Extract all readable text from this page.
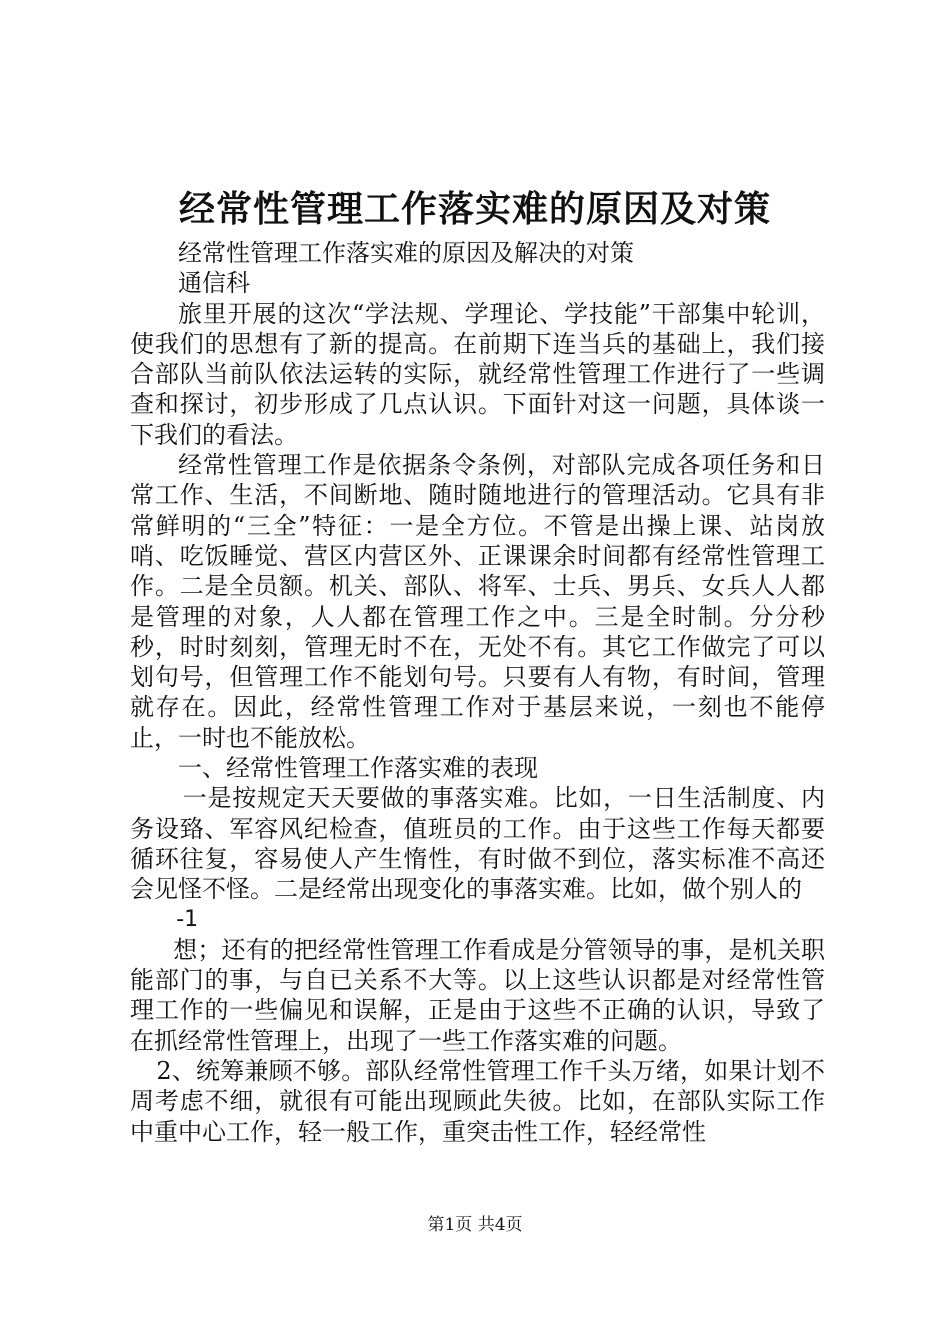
经常性管理工作落实难的原因及对策

经常性管理工作落实难的原因及解决的对策

通信科

旅里开展的这次“学法规、学理论、学技能”干部集中轮训，使我们的思想有了新的提高。在前期下连当兵的基础上，我们接合部队当前队依法运转的实际，就经常性管理工作进行了一些调查和探讨，初步形成了几点认识。下面针对这一问题，具体谈一下我们的看法。

经常性管理工作是依据条令条例，对部队完成各项任务和日常工作、生活，不间断地、随时随地进行的管理活动。它具有非常鲜明的“三全”特征：一是全方位。不管是出操上课、站岗放哨、吃饭睡觉、营区内营区外、正课课余时间都有经常性管理工作。二是全员额。机关、部队、将军、士兵、男兵、女兵人人都是管理的对象，人人都在管理工作之中。三是全时制。分分秒秒，时时刻刻，管理无时不在，无处不有。其它工作做完了可以划句号，但管理工作不能划句号。只要有人有物，有时间，管理就存在。因此，经常性管理工作对于基层来说，一刻也不能停止，一时也不能放松。

一、经常性管理工作落实难的表现

一是按规定天天要做的事落实难。比如，一日生活制度、内务设臵、军容风纪检查，值班员的工作。由于这些工作每天都要循环往复，容易使人产生惰性，有时做不到位，落实标准不高还会见怪不怪。二是经常出现变化的事落实难。比如，做个别人的

-1

想；还有的把经常性管理工作看成是分管领导的事，是机关职能部门的事，与自已关系不大等。以上这些认识都是对经常性管理工作的一些偏见和误解，正是由于这些不正确的认识，导致了在抓经常性管理上，出现了一些工作落实难的问题。

2、统筹兼顾不够。部队经常性管理工作千头万绪，如果计划不周考虑不细，就很有可能出现顾此失彼。比如，在部队实际工作中重中心工作，轻一般工作，重突击性工作，轻经常性

第1页 共4页
